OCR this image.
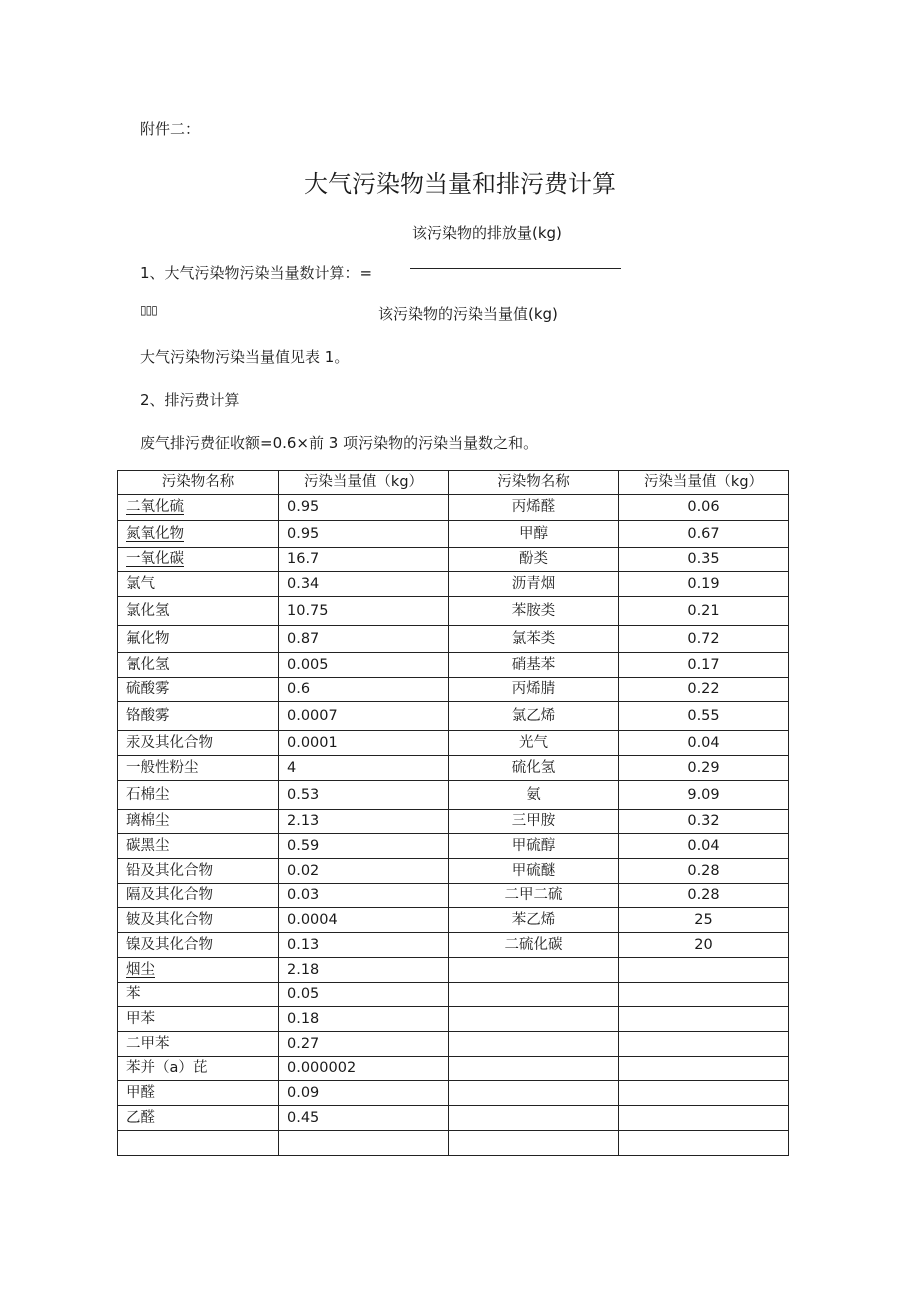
附件二：
大气污染物当量和排污费计算
该污染物的排放量(kg)
1、大气污染物污染当量数计算：=
▯▯▯	该污染物的污染当量值(kg)
大气污染物污染当量值见表 1。
2、排污费计算
废气排污费征收额=0.6×前 3 项污染物的污染当量数之和。
污染物名称	污染当量值（kg）	污染物名称	污染当量值（kg）
二氧化硫	0.95	丙烯醛	0.06
氮氧化物	0.95	甲醇	0.67
一氧化碳	16.7	酚类	0.35
氯气	0.34	沥青烟	0.19
氯化氢	10.75	苯胺类	0.21
氟化物	0.87	氯苯类	0.72
氰化氢	0.005	硝基苯	0.17
硫酸雾	0.6	丙烯腈	0.22
铬酸雾	0.0007	氯乙烯	0.55
汞及其化合物	0.0001	光气	0.04
一般性粉尘	4	硫化氢	0.29
石棉尘	0.53	氨	9.09
璃棉尘	2.13	三甲胺	0.32
碳黑尘	0.59	甲硫醇	0.04
铅及其化合物	0.02	甲硫醚	0.28
隔及其化合物	0.03	二甲二硫	0.28
铍及其化合物	0.0004	苯乙烯	25
镍及其化合物	0.13	二硫化碳	20
烟尘	2.18		
苯	0.05		
甲苯	0.18		
二甲苯	0.27		
苯并（a）芘	0.000002		
甲醛	0.09		
乙醛	0.45		
